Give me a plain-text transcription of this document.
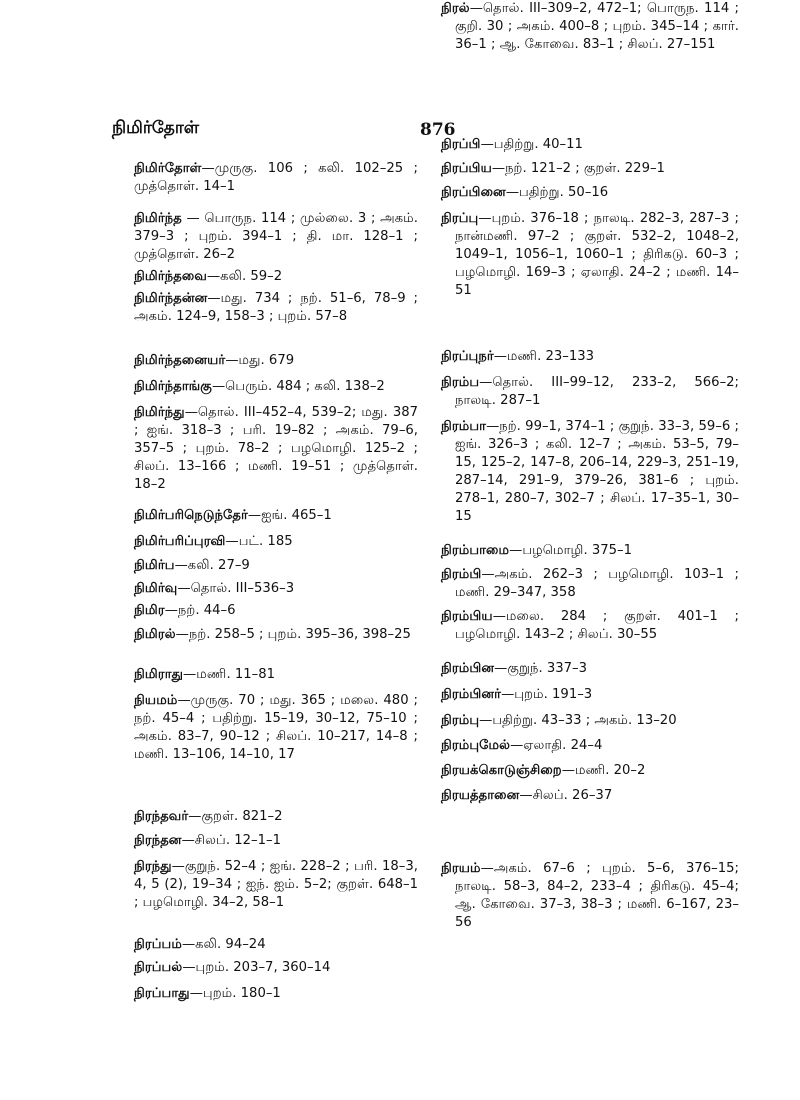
நிமிர்தோள்	876

நிமிர்தோள்—முருகு. 106 ; கலி. 102–25 ; முத்தொள். 14–1

நிமிர்ந்த — பொருந. 114 ; முல்லை. 3 ; அகம். 379–3 ; புறம். 394–1 ; தி. மா. 128–1 ; முத்தொள். 26–2

நிமிர்ந்தவை—கலி. 59–2

நிமிர்ந்தன்ன—மது. 734 ; நற். 51–6, 78–9 ; அகம். 124–9, 158–3 ; புறம். 57–8

நிமிர்ந்தனையர்—மது. 679

நிமிர்ந்தாங்கு—பெரும். 484 ; கலி. 138–2

நிமிர்ந்து—தொல். III–452–4, 539–2; மது. 387 ; ஐங். 318–3 ; பரி. 19–82 ; அகம். 79–6, 357–5 ; புறம். 78–2 ; பழமொழி. 125–2 ; சிலப். 13–166 ; மணி. 19–51 ; முத்தொள். 18–2

நிமிர்பரிநெடுந்தேர்—ஐங். 465–1

நிமிர்பரிப்புரவி—பட். 185

நிமிர்ப—கலி. 27–9

நிமிர்வு—தொல். III–536–3

நிமிர—நற். 44–6

நிமிரல்—நற். 258–5 ; புறம். 395–36, 398–25

நிமிராது—மணி. 11–81

நியமம்—முருகு. 70 ; மது. 365 ; மலை. 480 ; நற். 45–4 ; பதிற்று. 15–19, 30–12, 75–10 ; அகம். 83–7, 90–12 ; சிலப். 10–217, 14–8 ; மணி. 13–106, 14–10, 17

நிரந்தவர்—குறள். 821–2

நிரந்தன—சிலப். 12–1–1

நிரந்து—குறுந். 52–4 ; ஐங். 228–2 ; பரி. 18–3, 4, 5 (2), 19–34 ; ஐந். ஐம். 5–2; குறள். 648–1 ; பழமொழி. 34–2, 58–1

நிரப்பம்—கலி. 94–24

நிரப்பல்—புறம். 203–7, 360–14

நிரப்பாது—புறம். 180–1

நிரப்பி—பதிற்று. 40–11

நிரப்பிய—நற். 121–2 ; குறள். 229–1

நிரப்பினை—பதிற்று. 50–16

நிரப்பு—புறம். 376–18 ; நாலடி. 282–3, 287–3 ; நான்மணி. 97–2 ; குறள். 532–2, 1048–2, 1049–1, 1056–1, 1060–1 ; திரிகடு. 60–3 ; பழமொழி. 169–3 ; ஏலாதி. 24–2 ; மணி. 14–51

நிரப்புநர்—மணி. 23–133

நிரம்ப—தொல். III–99–12, 233–2, 566–2; நாலடி. 287–1

நிரம்பா—நற். 99–1, 374–1 ; குறுந். 33–3, 59–6 ; ஐங். 326–3 ; கலி. 12–7 ; அகம். 53–5, 79–15, 125–2, 147–8, 206–14, 229–3, 251–19, 287–14, 291–9, 379–26, 381–6 ; புறம். 278–1, 280–7, 302–7 ; சிலப். 17–35–1, 30–15

நிரம்பாமை—பழமொழி. 375–1

நிரம்பி—அகம். 262–3 ; பழமொழி. 103–1 ; மணி. 29–347, 358

நிரம்பிய—மலை. 284 ; குறள். 401–1 ; பழமொழி. 143–2 ; சிலப். 30–55

நிரம்பின—குறுந். 337–3

நிரம்பினர்—புறம். 191–3

நிரம்பு—பதிற்று. 43–33 ; அகம். 13–20

நிரம்புமேல்—ஏலாதி. 24–4

நிரயக்கொடுஞ்சிறை—மணி. 20–2

நிரயத்தானை—சிலப். 26–37

நிரயம்—அகம். 67–6 ; புறம். 5–6, 376–15; நாலடி. 58–3, 84–2, 233–4 ; திரிகடு. 45–4; ஆ. கோவை. 37–3, 38–3 ; மணி. 6–167, 23–56

நிரல்—தொல். III–309–2, 472–1; பொருந. 114 ; குறி. 30 ; அகம். 400–8 ; புறம். 345–14 ; கார். 36–1 ; ஆ. கோவை. 83–1 ; சிலப். 27–151
